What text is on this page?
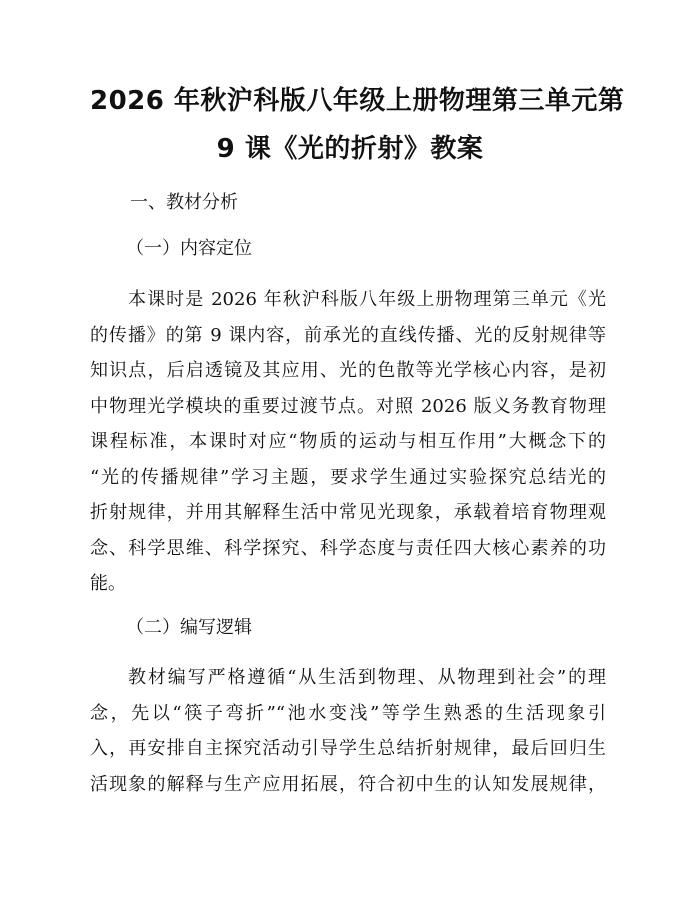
2026 年秋沪科版八年级上册物理第三单元第
9 课《光的折射》教案
一、教材分析
（一）内容定位
本课时是 2026 年秋沪科版八年级上册物理第三单元《光
的传播》的第 9 课内容，前承光的直线传播、光的反射规律等
知识点，后启透镜及其应用、光的色散等光学核心内容，是初
中物理光学模块的重要过渡节点。对照 2026 版义务教育物理
课程标准，本课时对应“物质的运动与相互作用”大概念下的
“光的传播规律”学习主题，要求学生通过实验探究总结光的
折射规律，并用其解释生活中常见光现象，承载着培育物理观
念、科学思维、科学探究、科学态度与责任四大核心素养的功
能。
（二）编写逻辑
教材编写严格遵循“从生活到物理、从物理到社会”的理
念，先以“筷子弯折”“池水变浅”等学生熟悉的生活现象引
入，再安排自主探究活动引导学生总结折射规律，最后回归生
活现象的解释与生产应用拓展，符合初中生的认知发展规律，
